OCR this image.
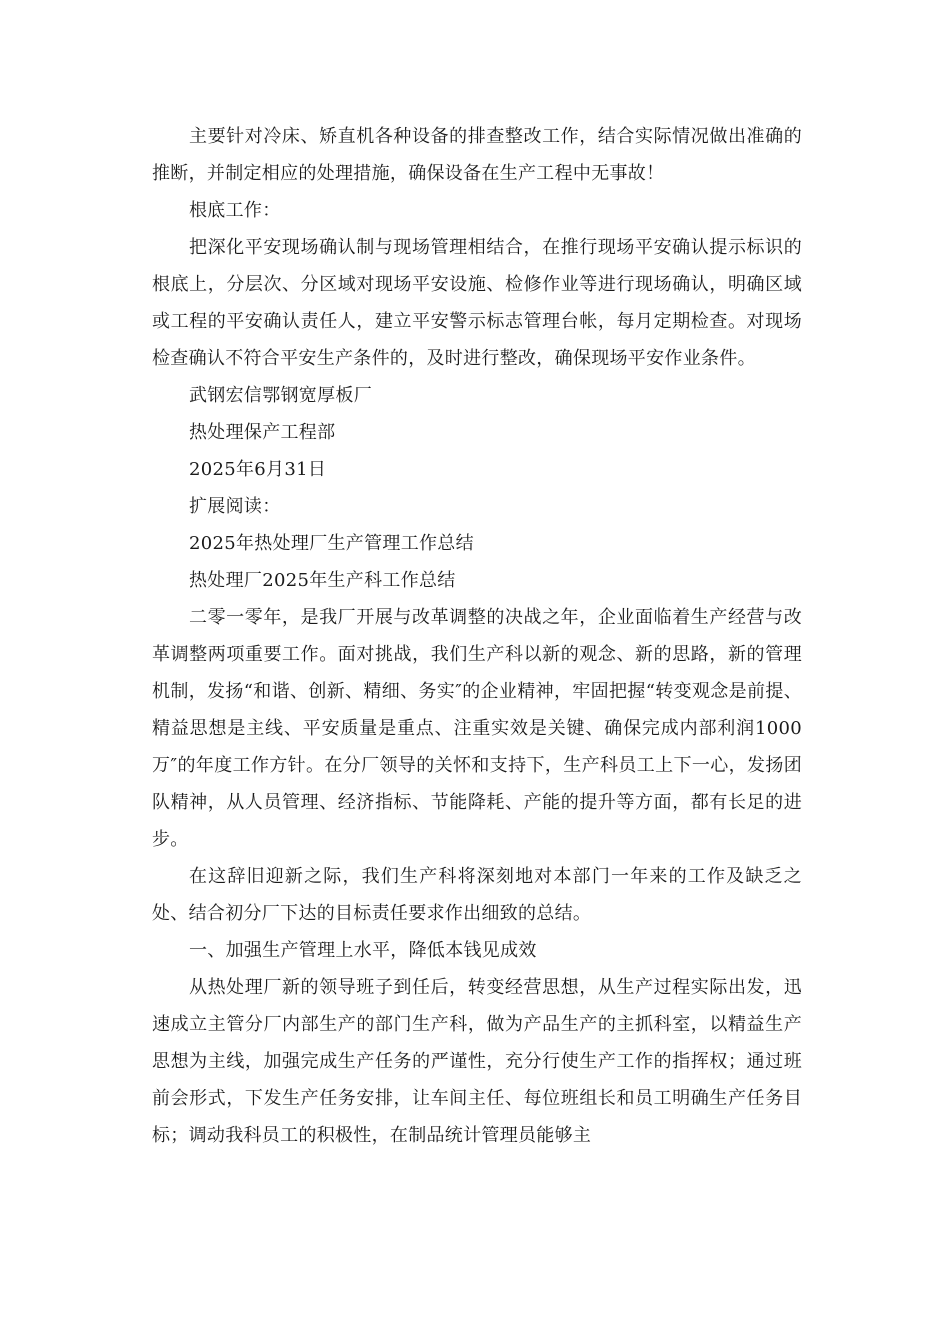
主要针对冷床、矫直机各种设备的排查整改工作，结合实际情况做出准确的推断，并制定相应的处理措施，确保设备在生产工程中无事故！

根底工作：

把深化平安现场确认制与现场管理相结合，在推行现场平安确认提示标识的根底上，分层次、分区域对现场平安设施、检修作业等进行现场确认，明确区域或工程的平安确认责任人，建立平安警示标志管理台帐，每月定期检查。对现场检查确认不符合平安生产条件的，及时进行整改，确保现场平安作业条件。

武钢宏信鄂钢宽厚板厂

热处理保产工程部

2025年6月31日

扩展阅读：

2025年热处理厂生产管理工作总结

热处理厂2025年生产科工作总结

二零一零年，是我厂开展与改革调整的决战之年，企业面临着生产经营与改革调整两项重要工作。面对挑战，我们生产科以新的观念、新的思路，新的管理机制，发扬“和谐、创新、精细、务实″的企业精神，牢固把握“转变观念是前提、精益思想是主线、平安质量是重点、注重实效是关键、确保完成内部利润1000万″的年度工作方针。在分厂领导的关怀和支持下，生产科员工上下一心，发扬团队精神，从人员管理、经济指标、节能降耗、产能的提升等方面，都有长足的进步。

在这辞旧迎新之际，我们生产科将深刻地对本部门一年来的工作及缺乏之处、结合初分厂下达的目标责任要求作出细致的总结。

一、加强生产管理上水平，降低本钱见成效

从热处理厂新的领导班子到任后，转变经营思想，从生产过程实际出发，迅速成立主管分厂内部生产的部门生产科，做为产品生产的主抓科室，以精益生产思想为主线，加强完成生产任务的严谨性，充分行使生产工作的指挥权；通过班前会形式，下发生产任务安排，让车间主任、每位班组长和员工明确生产任务目标；调动我科员工的积极性，在制品统计管理员能够主
